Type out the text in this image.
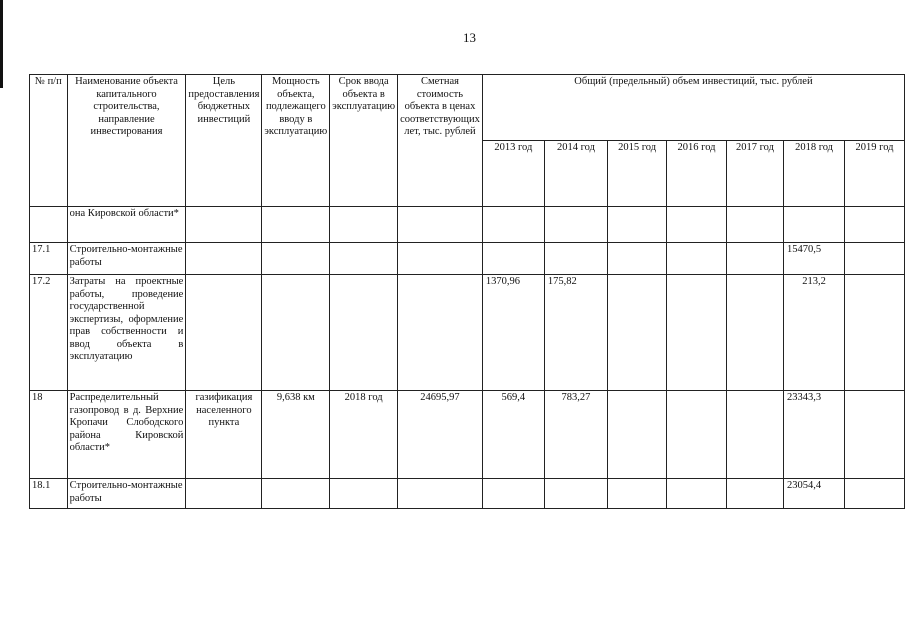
13
№ п/п	Наименование объекта капитального строительства, направление инвестирования	Цель предоставления бюджетных инвестиций	Мощность объекта, подлежащего вводу в эксплуатацию	Срок ввода объекта в эксплуатацию	Сметная стоимость объекта в ценах соответствующих лет, тыс. рублей	Общий (предельный) объем инвестиций, тыс. рублей						
						2013 год	2014 год	2015 год	2016 год	2017 год	2018 год	2019 год
	она Кировской области*											
17.1	Строительно-монтажные работы										15470,5	
17.2	Затраты на проектные работы, проведение государственной экспертизы, оформление прав собственности и ввод объекта в эксплуатацию					1370,96	175,82				213,2	
18	Распределительный газопровод в д. Верхние Кропачи Слободского района Кировской области*	газификация населенного пункта	9,638 км	2018 год	24695,97	569,4	783,27				23343,3	
18.1	Строительно-монтажные работы										23054,4	
